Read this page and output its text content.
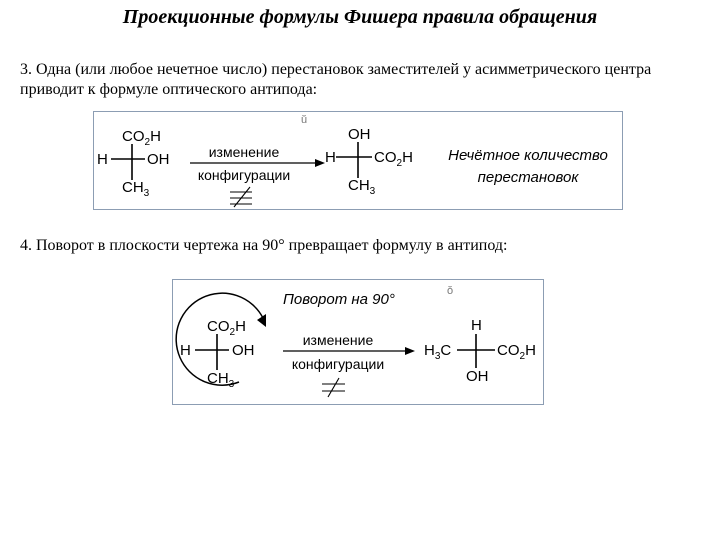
Проекционные формулы Фишера правила обращения
3. Одна (или любое нечетное число) перестановок заместителей у асимметрического центра приводит к формуле оптического антипода:
$CO_2H$
H	OH
$CH_3$
изменение
конфигурации
ŭ
OH
H	$CO_2H$
$CH_3$
Нечётное количество
перестановок
4. Поворот в плоскости чертежа на 90° превращает формулу в антипод:
Поворот на 90°	ŏ
$CO_2H$
H	OH
$CH_3$
изменение
конфигурации
H
$H_3C$	$CO_2H$
OH
